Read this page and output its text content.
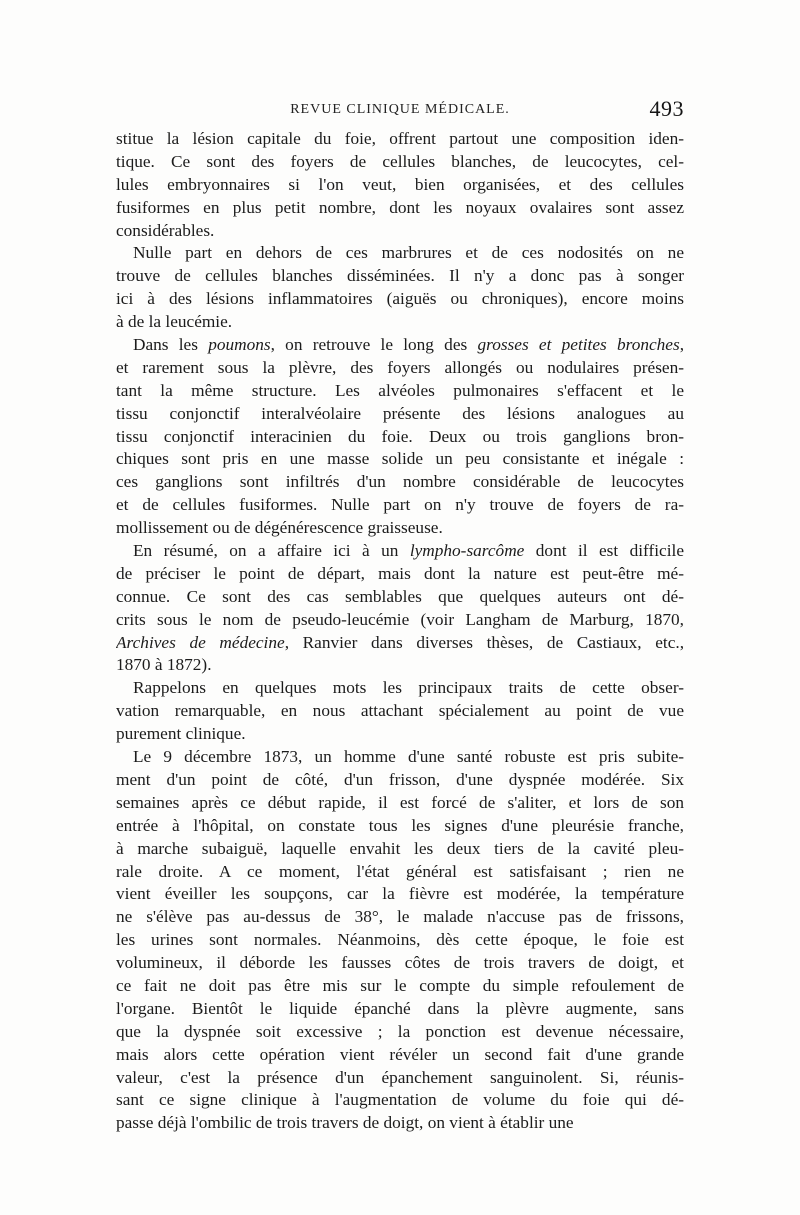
REVUE CLINIQUE MÉDICALE.	493
stitue la lésion capitale du foie, offrent partout une composition iden-
tique. Ce sont des foyers de cellules blanches, de leucocytes, cel-
lules embryonnaires si l'on veut, bien organisées, et des cellules
fusiformes en plus petit nombre, dont les noyaux ovalaires sont assez
considérables.
Nulle part en dehors de ces marbrures et de ces nodosités on ne
trouve de cellules blanches disséminées. Il n'y a donc pas à songer
ici à des lésions inflammatoires (aiguës ou chroniques), encore moins
à de la leucémie.
Dans les poumons, on retrouve le long des grosses et petites bronches,
et rarement sous la plèvre, des foyers allongés ou nodulaires présen-
tant la même structure. Les alvéoles pulmonaires s'effacent et le
tissu conjonctif interalvéolaire présente des lésions analogues au
tissu conjonctif interacinien du foie. Deux ou trois ganglions bron-
chiques sont pris en une masse solide un peu consistante et inégale :
ces ganglions sont infiltrés d'un nombre considérable de leucocytes
et de cellules fusiformes. Nulle part on n'y trouve de foyers de ra-
mollissement ou de dégénérescence graisseuse.
En résumé, on a affaire ici à un lympho-sarcôme dont il est difficile
de préciser le point de départ, mais dont la nature est peut-être mé-
connue. Ce sont des cas semblables que quelques auteurs ont dé-
crits sous le nom de pseudo-leucémie (voir Langham de Marburg, 1870,
Archives de médecine, Ranvier dans diverses thèses, de Castiaux, etc.,
1870 à 1872).
Rappelons en quelques mots les principaux traits de cette obser-
vation remarquable, en nous attachant spécialement au point de vue
purement clinique.
Le 9 décembre 1873, un homme d'une santé robuste est pris subite-
ment d'un point de côté, d'un frisson, d'une dyspnée modérée. Six
semaines après ce début rapide, il est forcé de s'aliter, et lors de son
entrée à l'hôpital, on constate tous les signes d'une pleurésie franche,
à marche subaiguë, laquelle envahit les deux tiers de la cavité pleu-
rale droite. A ce moment, l'état général est satisfaisant ; rien ne
vient éveiller les soupçons, car la fièvre est modérée, la température
ne s'élève pas au-dessus de 38°, le malade n'accuse pas de frissons,
les urines sont normales. Néanmoins, dès cette époque, le foie est
volumineux, il déborde les fausses côtes de trois travers de doigt, et
ce fait ne doit pas être mis sur le compte du simple refoulement de
l'organe. Bientôt le liquide épanché dans la plèvre augmente, sans
que la dyspnée soit excessive ; la ponction est devenue nécessaire,
mais alors cette opération vient révéler un second fait d'une grande
valeur, c'est la présence d'un épanchement sanguinolent. Si, réunis-
sant ce signe clinique à l'augmentation de volume du foie qui dé-
passe déjà l'ombilic de trois travers de doigt, on vient à établir une
